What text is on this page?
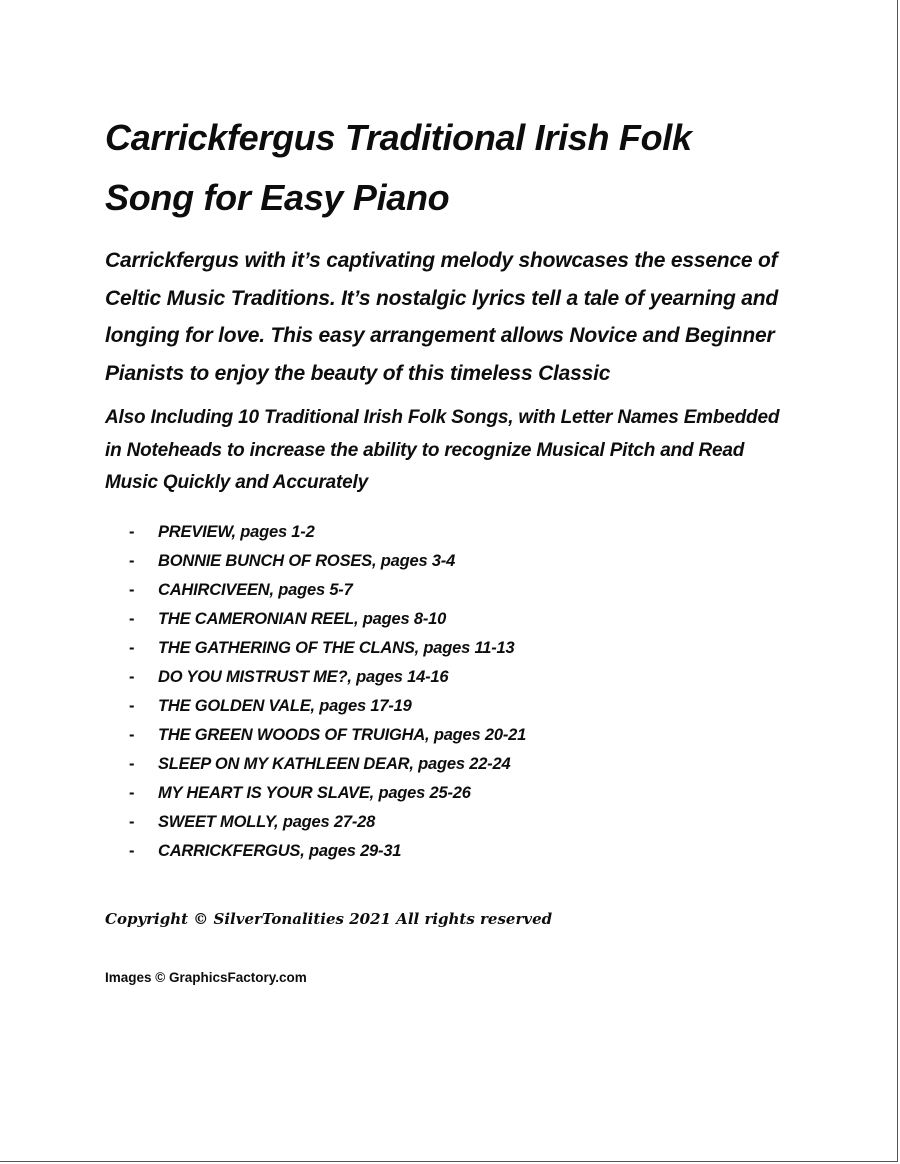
Carrickfergus Traditional Irish Folk
Song for Easy Piano

Carrickfergus with it’s captivating melody showcases the essence of Celtic Music Traditions. It’s nostalgic lyrics tell a tale of yearning and longing for love. This easy arrangement allows Novice and Beginner Pianists to enjoy the beauty of this timeless Classic

Also Including 10 Traditional Irish Folk Songs, with Letter Names Embedded in Noteheads to increase the ability to recognize Musical Pitch and Read Music Quickly and Accurately

- PREVIEW, pages 1-2
- BONNIE BUNCH OF ROSES, pages 3-4
- CAHIRCIVEEN, pages 5-7
- THE CAMERONIAN REEL, pages 8-10
- THE GATHERING OF THE CLANS, pages 11-13
- DO YOU MISTRUST ME?, pages 14-16
- THE GOLDEN VALE, pages 17-19
- THE GREEN WOODS OF TRUIGHA, pages 20-21
- SLEEP ON MY KATHLEEN DEAR, pages 22-24
- MY HEART IS YOUR SLAVE, pages 25-26
- SWEET MOLLY, pages 27-28
- CARRICKFERGUS, pages 29-31

Copyright © SilverTonalities 2021 All rights reserved

Images © GraphicsFactory.com
